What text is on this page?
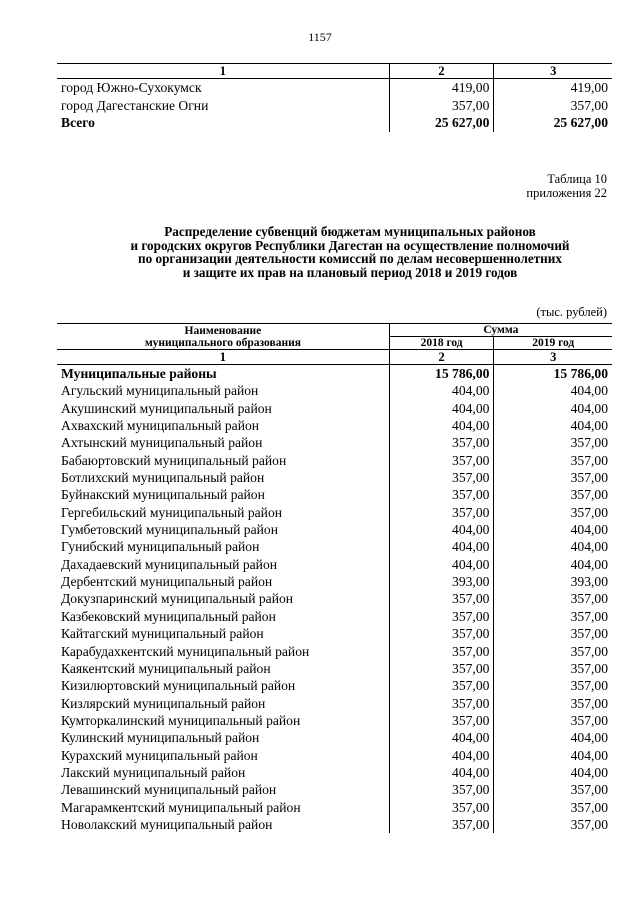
1157
1	2	3
город Южно-Сухокумск	419,00	419,00
город Дагестанские Огни	357,00	357,00
Всего	25 627,00	25 627,00
Таблица 10
приложения 22
Распределение субвенций бюджетам муниципальных районов
и городских округов Республики Дагестан на осуществление полномочий
по организации деятельности комиссий по делам несовершеннолетних
и защите их прав на плановый период 2018 и 2019 годов
(тыс. рублей)
Наименование
муниципального образования	Сумма	
	2018 год	2019 год
1	2	3
Муниципальные районы	15 786,00	15 786,00
Агульский муниципальный район	404,00	404,00
Акушинский муниципальный район	404,00	404,00
Ахвахский муниципальный район	404,00	404,00
Ахтынский муниципальный район	357,00	357,00
Бабаюртовский муниципальный район	357,00	357,00
Ботлихский муниципальный район	357,00	357,00
Буйнакский муниципальный район	357,00	357,00
Гергебильский муниципальный район	357,00	357,00
Гумбетовский муниципальный район	404,00	404,00
Гунибский муниципальный район	404,00	404,00
Дахадаевский муниципальный район	404,00	404,00
Дербентский муниципальный район	393,00	393,00
Докузпаринский муниципальный район	357,00	357,00
Казбековский муниципальный район	357,00	357,00
Кайтагский муниципальный район	357,00	357,00
Карабудахкентский муниципальный район	357,00	357,00
Каякентский муниципальный район	357,00	357,00
Кизилюртовский муниципальный район	357,00	357,00
Кизлярский муниципальный район	357,00	357,00
Кумторкалинский муниципальный район	357,00	357,00
Кулинский муниципальный район	404,00	404,00
Курахский муниципальный район	404,00	404,00
Лакский муниципальный район	404,00	404,00
Левашинский муниципальный район	357,00	357,00
Магарамкентский муниципальный район	357,00	357,00
Новолакский муниципальный район	357,00	357,00
